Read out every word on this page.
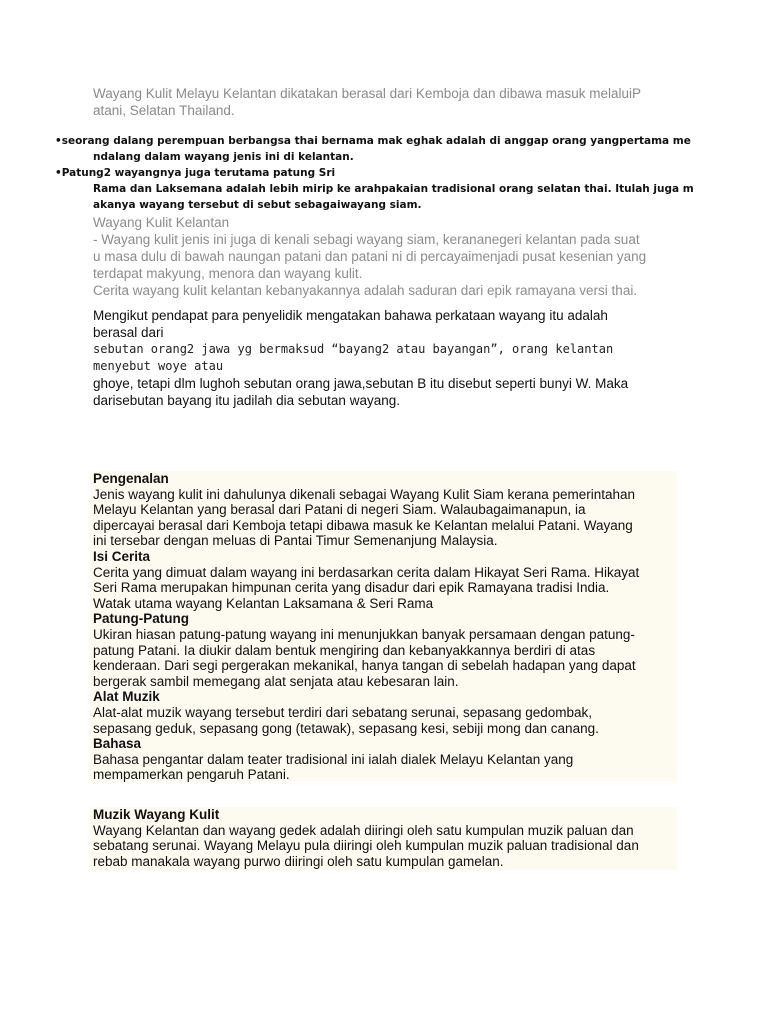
Wayang Kulit Melayu Kelantan dikatakan berasal dari Kemboja dan dibawa masuk melaluiP
atani, Selatan Thailand.
•seorang dalang perempuan berbangsa thai bernama mak eghak adalah di anggap orang yangpertama me
ndalang dalam wayang jenis ini di kelantan.
•Patung2 wayangnya juga terutama patung Sri
Rama dan Laksemana adalah lebih mirip ke arahpakaian tradisional orang selatan thai. Itulah juga m
akanya wayang tersebut di sebut sebagaiwayang siam.
Wayang Kulit Kelantan
- Wayang kulit jenis ini juga di kenali sebagi wayang siam, kerananegeri kelantan pada suat
u masa dulu di bawah naungan patani dan patani ni di percayaimenjadi pusat kesenian yang
terdapat makyung, menora dan wayang kulit.
Cerita wayang kulit kelantan kebanyakannya adalah saduran dari epik ramayana versi thai.
Mengikut pendapat para penyelidik mengatakan bahawa perkataan wayang itu adalah
berasal dari
sebutan orang2 jawa yg bermaksud “bayang2 atau bayangan”, orang kelantan
menyebut woye atau
ghoye, tetapi dlm lughoh sebutan orang jawa,sebutan B itu disebut seperti bunyi W. Maka
darisebutan bayang itu jadilah dia sebutan wayang.
Pengenalan
Jenis wayang kulit ini dahulunya dikenali sebagai Wayang Kulit Siam kerana pemerintahan
Melayu Kelantan yang berasal dari Patani di negeri Siam. Walaubagaimanapun, ia
dipercayai berasal dari Kemboja tetapi dibawa masuk ke Kelantan melalui Patani. Wayang
ini tersebar dengan meluas di Pantai Timur Semenanjung Malaysia.
Isi Cerita
Cerita yang dimuat dalam wayang ini berdasarkan cerita dalam Hikayat Seri Rama. Hikayat
Seri Rama merupakan himpunan cerita yang disadur dari epik Ramayana tradisi India.
Watak utama wayang Kelantan Laksamana & Seri Rama
Patung-Patung
Ukiran hiasan patung-patung wayang ini menunjukkan banyak persamaan dengan patung-
patung Patani. Ia diukir dalam bentuk mengiring dan kebanyakkannya berdiri di atas
kenderaan. Dari segi pergerakan mekanikal, hanya tangan di sebelah hadapan yang dapat
bergerak sambil memegang alat senjata atau kebesaran lain.
Alat Muzik
Alat-alat muzik wayang tersebut terdiri dari sebatang serunai, sepasang gedombak,
sepasang geduk, sepasang gong (tetawak), sepasang kesi, sebiji mong dan canang.
Bahasa
Bahasa pengantar dalam teater tradisional ini ialah dialek Melayu Kelantan yang
mempamerkan pengaruh Patani.
Muzik Wayang Kulit
Wayang Kelantan dan wayang gedek adalah diiringi oleh satu kumpulan muzik paluan dan
sebatang serunai. Wayang Melayu pula diiringi oleh kumpulan muzik paluan tradisional dan
rebab manakala wayang purwo diiringi oleh satu kumpulan gamelan.
